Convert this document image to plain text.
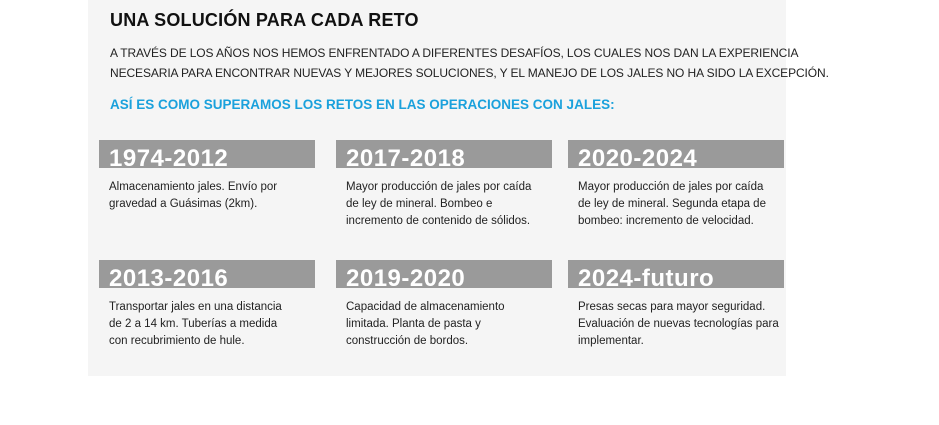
UNA SOLUCIÓN PARA CADA RETO
A TRAVÉS DE LOS AÑOS NOS HEMOS ENFRENTADO A DIFERENTES DESAFÍOS, LOS CUALES NOS DAN LA EXPERIENCIA
NECESARIA PARA ENCONTRAR NUEVAS Y MEJORES SOLUCIONES, Y EL MANEJO DE LOS JALES NO HA SIDO LA EXCEPCIÓN.
ASÍ ES COMO SUPERAMOS LOS RETOS EN LAS OPERACIONES CON JALES:
1974-2012
Almacenamiento jales. Envío por
gravedad a Guásimas (2km).
2017-2018
Mayor producción de jales por caída
de ley de mineral. Bombeo e
incremento de contenido de sólidos.
2020-2024
Mayor producción de jales por caída
de ley de mineral. Segunda etapa de
bombeo: incremento de velocidad.
2013-2016
Transportar jales en una distancia
de 2 a 14 km. Tuberías a medida
con recubrimiento de hule.
2019-2020
Capacidad de almacenamiento
limitada. Planta de pasta y
construcción de bordos.
2024-futuro
Presas secas para mayor seguridad.
Evaluación de nuevas tecnologías para
implementar.
